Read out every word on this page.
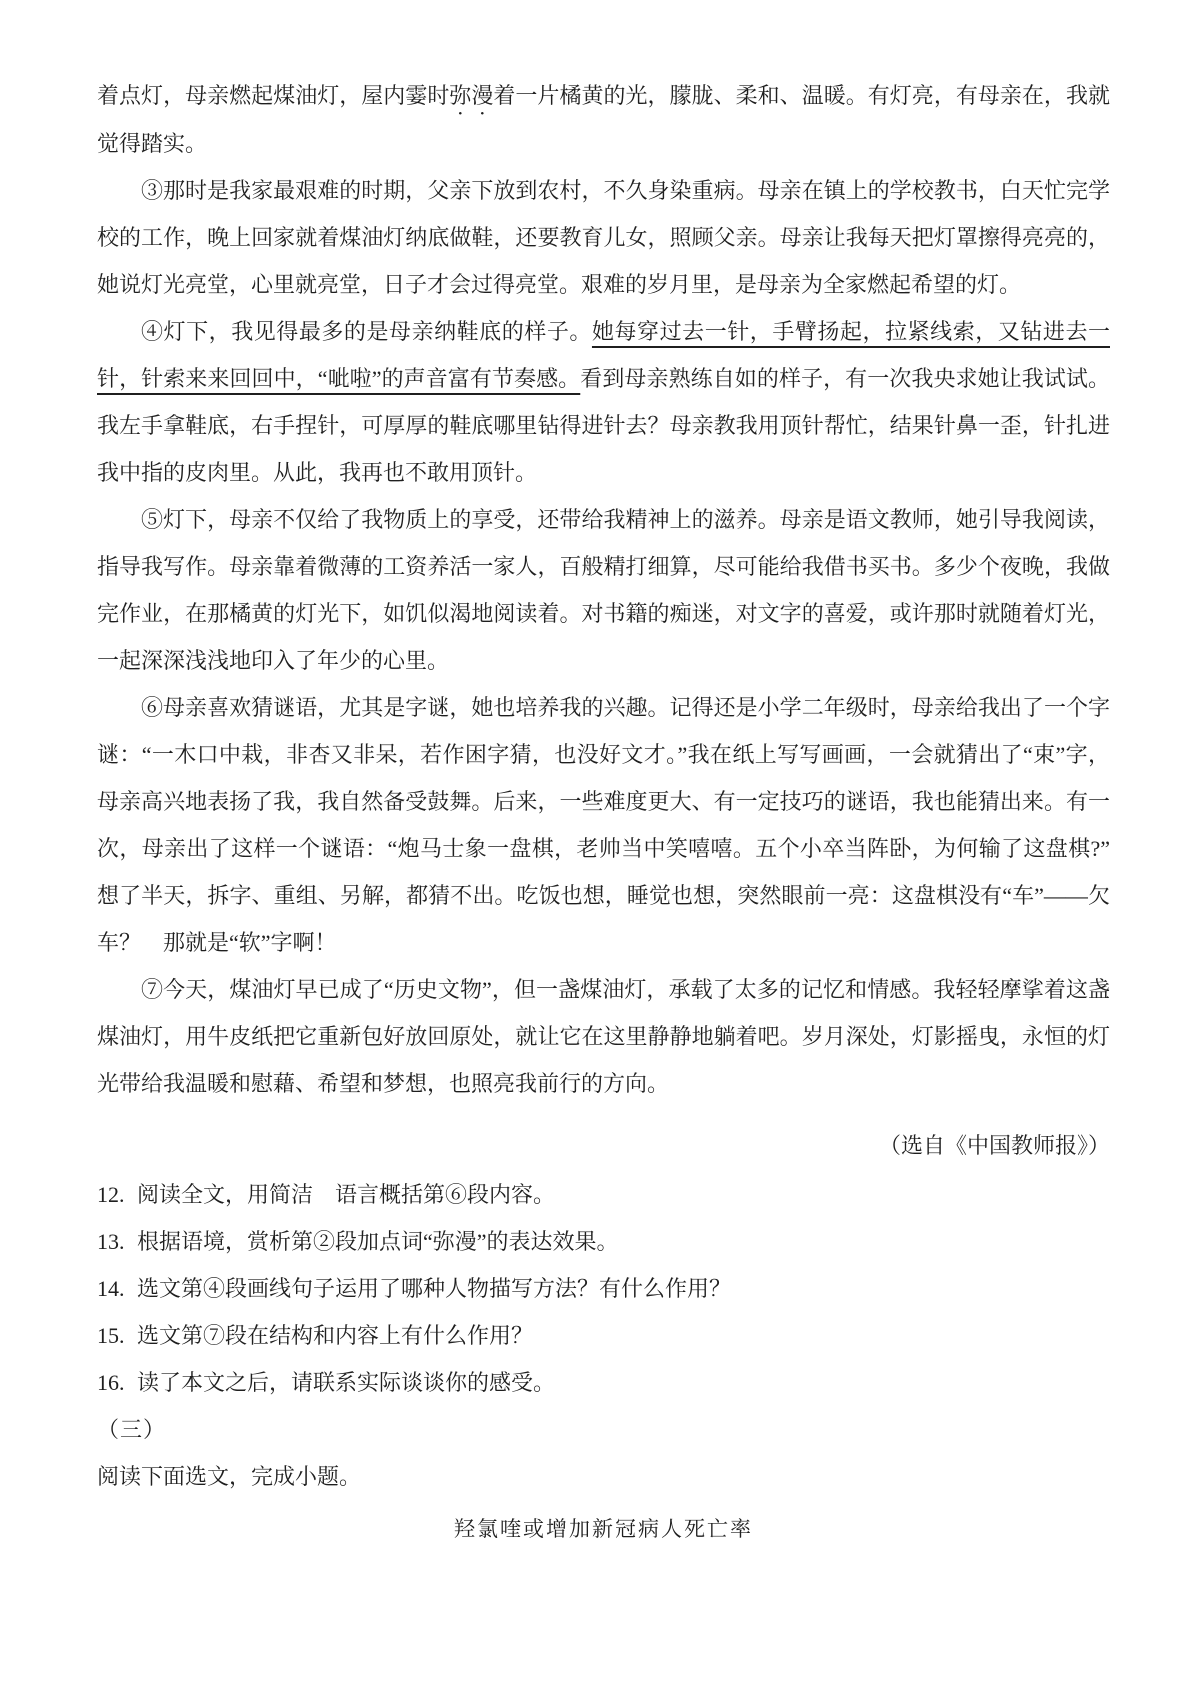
着点灯，母亲燃起煤油灯，屋内霎时弥漫着一片橘黄的光，朦胧、柔和、温暖。有灯亮，有母亲在，我就觉得踏实。

③那时是我家最艰难的时期，父亲下放到农村，不久身染重病。母亲在镇上的学校教书，白天忙完学校的工作，晚上回家就着煤油灯纳底做鞋，还要教育儿女，照顾父亲。母亲让我每天把灯罩擦得亮亮的，她说灯光亮堂，心里就亮堂，日子才会过得亮堂。艰难的岁月里，是母亲为全家燃起希望的灯。

④灯下，我见得最多的是母亲纳鞋底的样子。她每穿过去一针，手臂扬起，拉紧线索，又钻进去一针，针索来来回回中，“呲啦”的声音富有节奏感。看到母亲熟练自如的样子，有一次我央求她让我试试。我左手拿鞋底，右手捏针，可厚厚的鞋底哪里钻得进针去？母亲教我用顶针帮忙，结果针鼻一歪，针扎进我中指的皮肉里。从此，我再也不敢用顶针。

⑤灯下，母亲不仅给了我物质上的享受，还带给我精神上的滋养。母亲是语文教师，她引导我阅读，指导我写作。母亲靠着微薄的工资养活一家人，百般精打细算，尽可能给我借书买书。多少个夜晚，我做完作业，在那橘黄的灯光下，如饥似渴地阅读着。对书籍的痴迷，对文字的喜爱，或许那时就随着灯光，一起深深浅浅地印入了年少的心里。

⑥母亲喜欢猜谜语，尤其是字谜，她也培养我的兴趣。记得还是小学二年级时，母亲给我出了一个字谜：“一木口中栽，非杏又非呆，若作困字猜，也没好文才。”我在纸上写写画画，一会就猜出了“束”字，母亲高兴地表扬了我，我自然备受鼓舞。后来，一些难度更大、有一定技巧的谜语，我也能猜出来。有一次，母亲出了这样一个谜语：“炮马士象一盘棋，老帅当中笑嘻嘻。五个小卒当阵卧，为何输了这盘棋?”想了半天，拆字、重组、另解，都猜不出。吃饭也想，睡觉也想，突然眼前一亮：这盘棋没有“车”——欠车？　那就是“软”字啊！

⑦今天，煤油灯早已成了“历史文物”，但一盏煤油灯，承载了太多的记忆和情感。我轻轻摩挲着这盏煤油灯，用牛皮纸把它重新包好放回原处，就让它在这里静静地躺着吧。岁月深处，灯影摇曳，永恒的灯光带给我温暖和慰藉、希望和梦想，也照亮我前行的方向。

（选自《中国教师报》）

12. 阅读全文，用简洁　语言概括第⑥段内容。
13. 根据语境，赏析第②段加点词“弥漫”的表达效果。
14. 选文第④段画线句子运用了哪种人物描写方法？有什么作用？
15. 选文第⑦段在结构和内容上有什么作用？
16. 读了本文之后，请联系实际谈谈你的感受。

（三）

阅读下面选文，完成小题。

羟氯喹或增加新冠病人死亡率
